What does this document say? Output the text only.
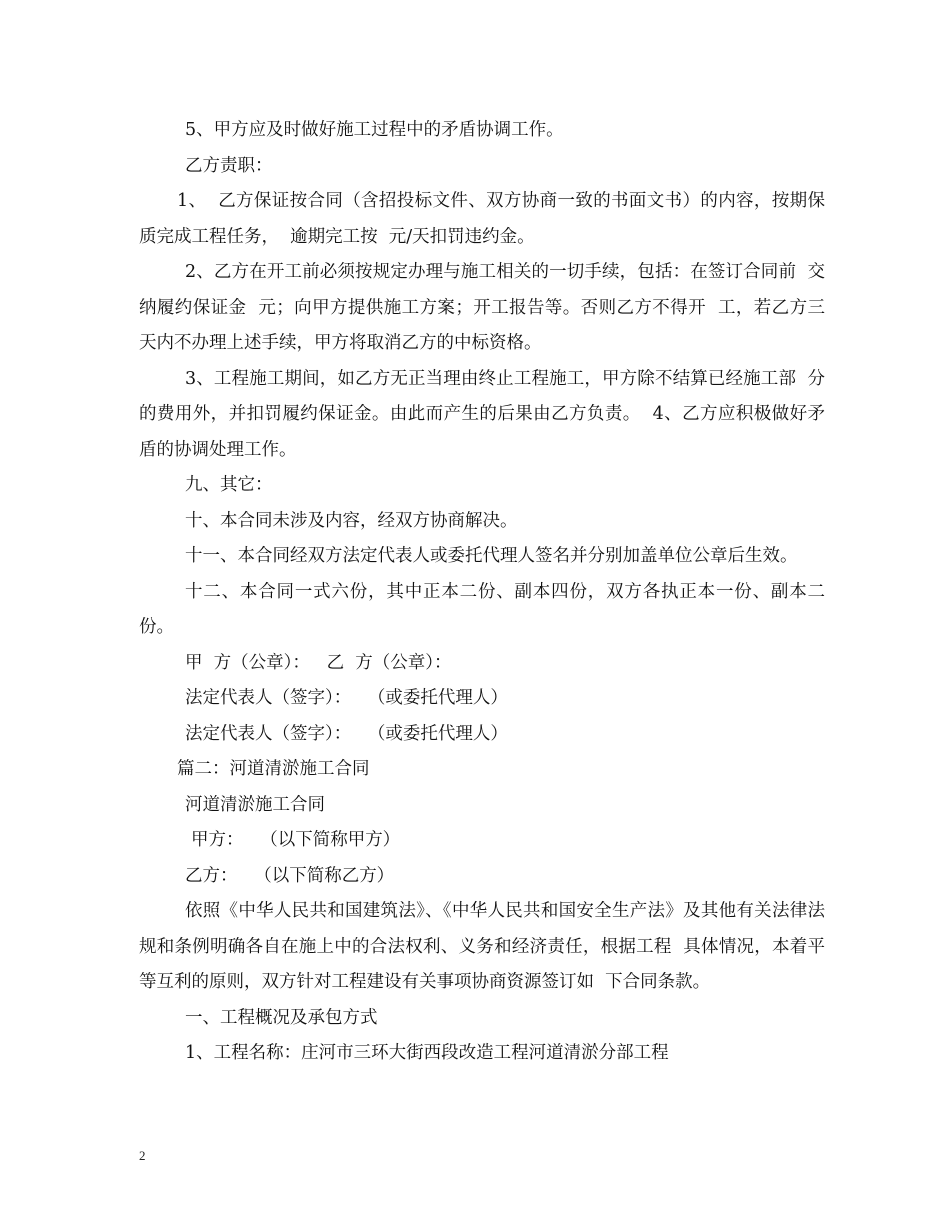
5、甲方应及时做好施工过程中的矛盾协调工作。

乙方责职：

1、  乙方保证按合同（含招投标文件、双方协商一致的书面文书）的内容，按期保质完成工程任务，  逾期完工按  元/天扣罚违约金。

2、乙方在开工前必须按规定办理与施工相关的一切手续，包括：在签订合同前  交纳履约保证金  元；向甲方提供施工方案；开工报告等。否则乙方不得开  工，若乙方三天内不办理上述手续，甲方将取消乙方的中标资格。

3、工程施工期间，如乙方无正当理由终止工程施工，甲方除不结算已经施工部  分的费用外，并扣罚履约保证金。由此而产生的后果由乙方负责。  4、乙方应积极做好矛盾的协调处理工作。

九、其它：

十、本合同未涉及内容，经双方协商解决。

十一、本合同经双方法定代表人或委托代理人签名并分别加盖单位公章后生效。

十二、本合同一式六份，其中正本二份、副本四份，双方各执正本一份、副本二  份。

甲  方（公章）：   乙  方（公章）：

法定代表人（签字）：   （或委托代理人）

法定代表人（签字）：   （或委托代理人）

篇二：河道清淤施工合同

河道清淤施工合同

甲方：   （以下简称甲方）

乙方：   （以下简称乙方）

依照《中华人民共和国建筑法》、《中华人民共和国安全生产法》及其他有关法律法规和条例明确各自在施上中的合法权利、义务和经济责任，根据工程  具体情况，本着平等互利的原则，双方针对工程建设有关事项协商资源签订如  下合同条款。

一、工程概况及承包方式

1、工程名称：庄河市三环大街西段改造工程河道清淤分部工程

2
